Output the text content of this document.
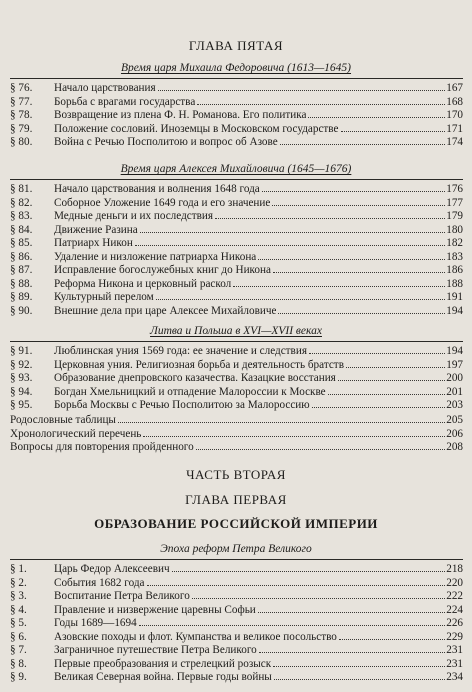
ГЛАВА ПЯТАЯ
Время царя Михаила Федоровича (1613—1645)
§ 76.	Начало царствования	167
§ 77.	Борьба с врагами государства	168
§ 78.	Возвращение из плена Ф. Н. Романова. Его политика	170
§ 79.	Положение сословий. Иноземцы в Московском государстве	171
§ 80.	Война с Речью Посполитою и вопрос об Азове	174
Время царя Алексея Михайловича (1645—1676)
§ 81.	Начало царствования и волнения 1648 года	176
§ 82.	Соборное Уложение 1649 года и его значение	177
§ 83.	Медные деньги и их последствия	179
§ 84.	Движение Разина	180
§ 85.	Патриарх Никон	182
§ 86.	Удаление и низложение патриарха Никона	183
§ 87.	Исправление богослужебных книг до Никона	186
§ 88.	Реформа Никона и церковный раскол	188
§ 89.	Культурный перелом	191
§ 90.	Внешние дела при царе Алексее Михайловиче	194
Литва и Польша в XVI—XVII веках
§ 91.	Люблинская уния 1569 года: ее значение и следствия	194
§ 92.	Церковная уния. Религиозная борьба и деятельность братств	197
§ 93.	Образование днепровского казачества. Казацкие восстания	200
§ 94.	Богдан Хмельницкий и отпадение Малороссии к Москве	201
§ 95.	Борьба Москвы с Речью Посполитою за Малороссию	203
Родословные таблицы	205
Хронологический перечень	206
Вопросы для повторения пройденного	208
ЧАСТЬ ВТОРАЯ
ГЛАВА ПЕРВАЯ
ОБРАЗОВАНИЕ РОССИЙСКОЙ ИМПЕРИИ
Эпоха реформ Петра Великого
§ 1.	Царь Федор Алексеевич	218
§ 2.	События 1682 года	220
§ 3.	Воспитание Петра Великого	222
§ 4.	Правление и низвержение царевны Софьи	224
§ 5.	Годы 1689—1694	226
§ 6.	Азовские походы и флот. Кумпанства и великое посольство	229
§ 7.	Заграничное путешествие Петра Великого	231
§ 8.	Первые преобразования и стрелецкий розыск	231
§ 9.	Великая Северная война. Первые годы войны	234
